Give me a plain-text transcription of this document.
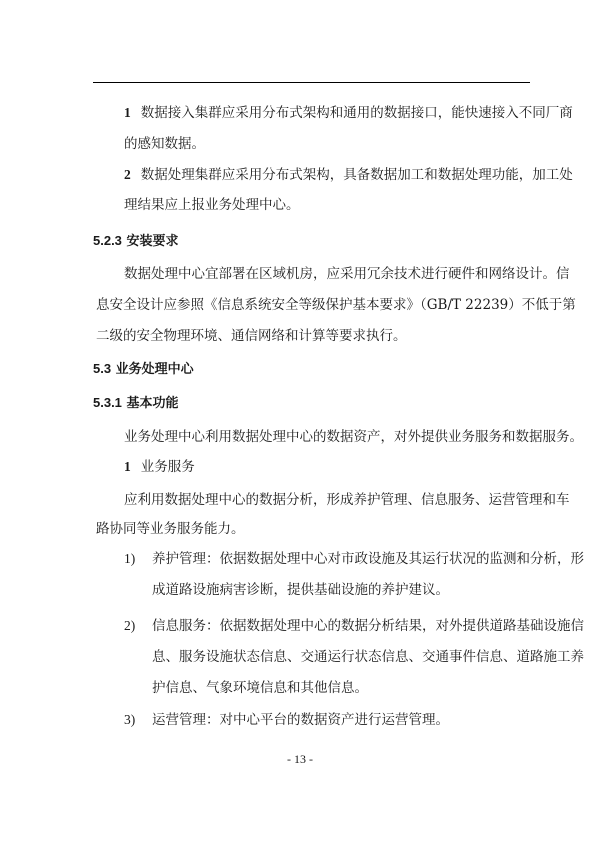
1 数据接入集群应采用分布式架构和通用的数据接口，能快速接入不同厂商
的感知数据。
2 数据处理集群应采用分布式架构，具备数据加工和数据处理功能，加工处
理结果应上报业务处理中心。
5.2.3 安装要求
数据处理中心宜部署在区域机房，应采用冗余技术进行硬件和网络设计。信
息安全设计应参照《信息系统安全等级保护基本要求》（GB/T 22239）不低于第
二级的安全物理环境、通信网络和计算等要求执行。
5.3 业务处理中心
5.3.1 基本功能
业务处理中心利用数据处理中心的数据资产，对外提供业务服务和数据服务。
1 业务服务
应利用数据处理中心的数据分析，形成养护管理、信息服务、运营管理和车
路协同等业务服务能力。
1) 养护管理：依据数据处理中心对市政设施及其运行状况的监测和分析，形
成道路设施病害诊断，提供基础设施的养护建议。
2) 信息服务：依据数据处理中心的数据分析结果，对外提供道路基础设施信
息、服务设施状态信息、交通运行状态信息、交通事件信息、道路施工养
护信息、气象环境信息和其他信息。
3) 运营管理：对中心平台的数据资产进行运营管理。
- 13 -
